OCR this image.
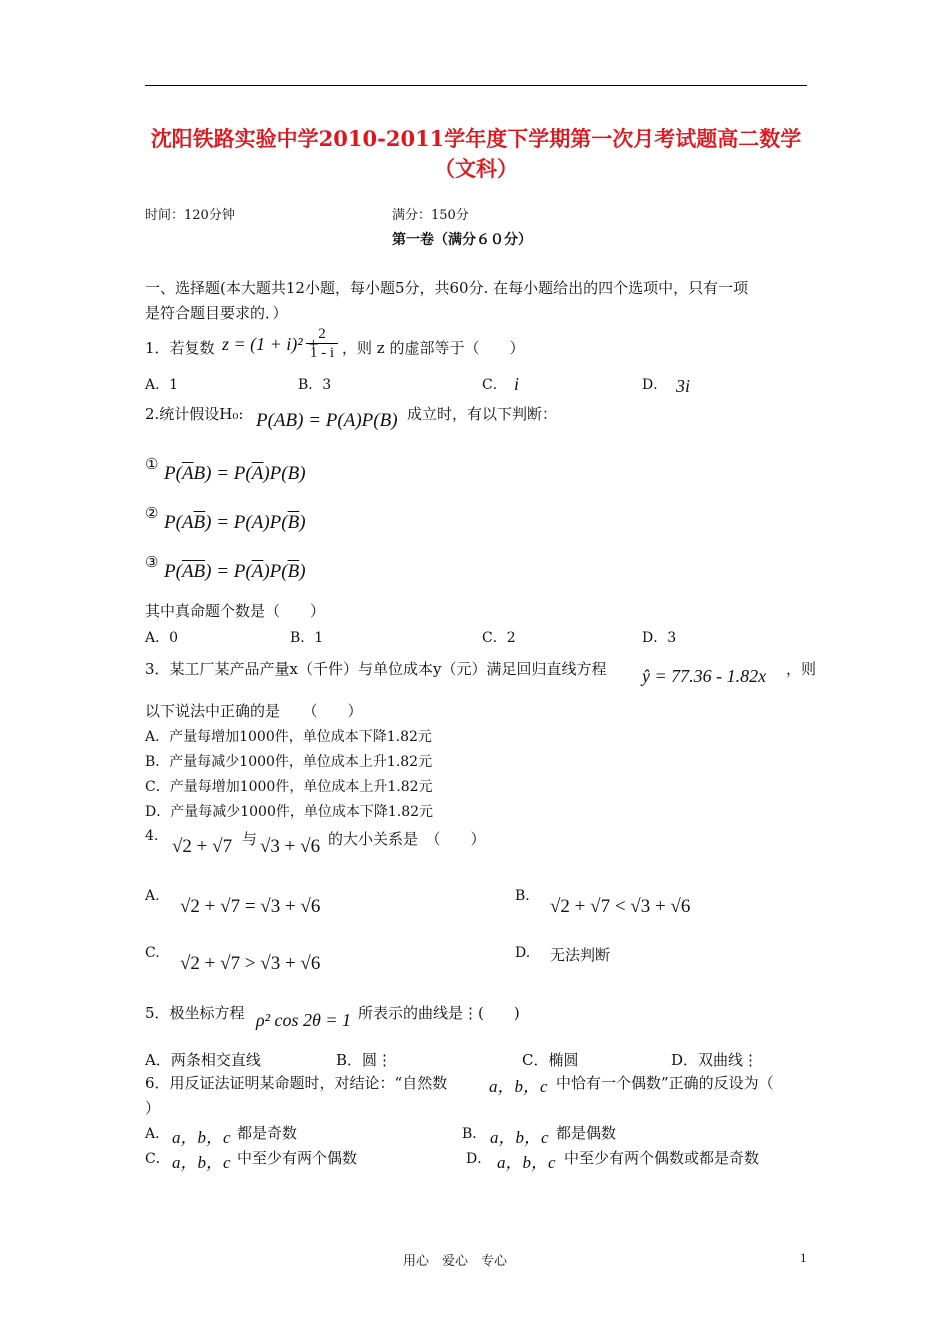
沈阳铁路实验中学2010-2011学年度下学期第一次月考试题高二数学（文科）
时间：120分钟	满分：150分
第一卷（满分６０分）
一、选择题(本大题共12小题，每小题5分，共60分. 在每小题给出的四个选项中，只有一项
是符合题目要求的．）
1．若复数 z = (1 + i)² +
$\frac{2}{1 - i}$ ，则 z 的虚部等于（　　）
A．1	B．3	C． i	D． 3i
2.统计假设H₀: P(AB) = P(A)P(B) 成立时，有以下判断：
① $P(\overline{A}B) = P(\overline{A})P(B)$
② $P(A\overline{B}) = P(A)P(\overline{B})$
③ $P(\overline{AB}) = P(\overline{A})P(\overline{B})$
其中真命题个数是（　　）
A．0	B．1	C．2	D．3
3．某工厂某产品产量x（千件）与单位成本y（元）满足回归直线方程 ŷ = 77.36 - 1.82x ，则
以下说法中正确的是　　（　　）
A．产量每增加1000件，单位成本下降1.82元
B．产量每减少1000件，单位成本上升1.82元
C．产量每增加1000件，单位成本上升1.82元
D．产量每减少1000件，单位成本下降1.82元
4. √2 + √7 与 √3 + √6 的大小关系是　（　　）
A. √2 + √7 = √3 + √6	B. √2 + √7 < √3 + √6
C. √2 + √7 > √3 + √6	D. 无法判断
5．极坐标方程 ρ² cos 2θ = 1 所表示的曲线是⋮(　　)
A．两条相交直线	B．圆⋮	C．椭圆	D．双曲线⋮
6．用反证法证明某命题时，对结论：“自然数 a，b，c 中恰有一个偶数”正确的反设为（
）
A． a，b，c 都是奇数	B． a，b，c 都是偶数
C． a，b，c 中至少有两个偶数	D． a，b，c 中至少有两个偶数或都是奇数
用心　爱心　专心	1
